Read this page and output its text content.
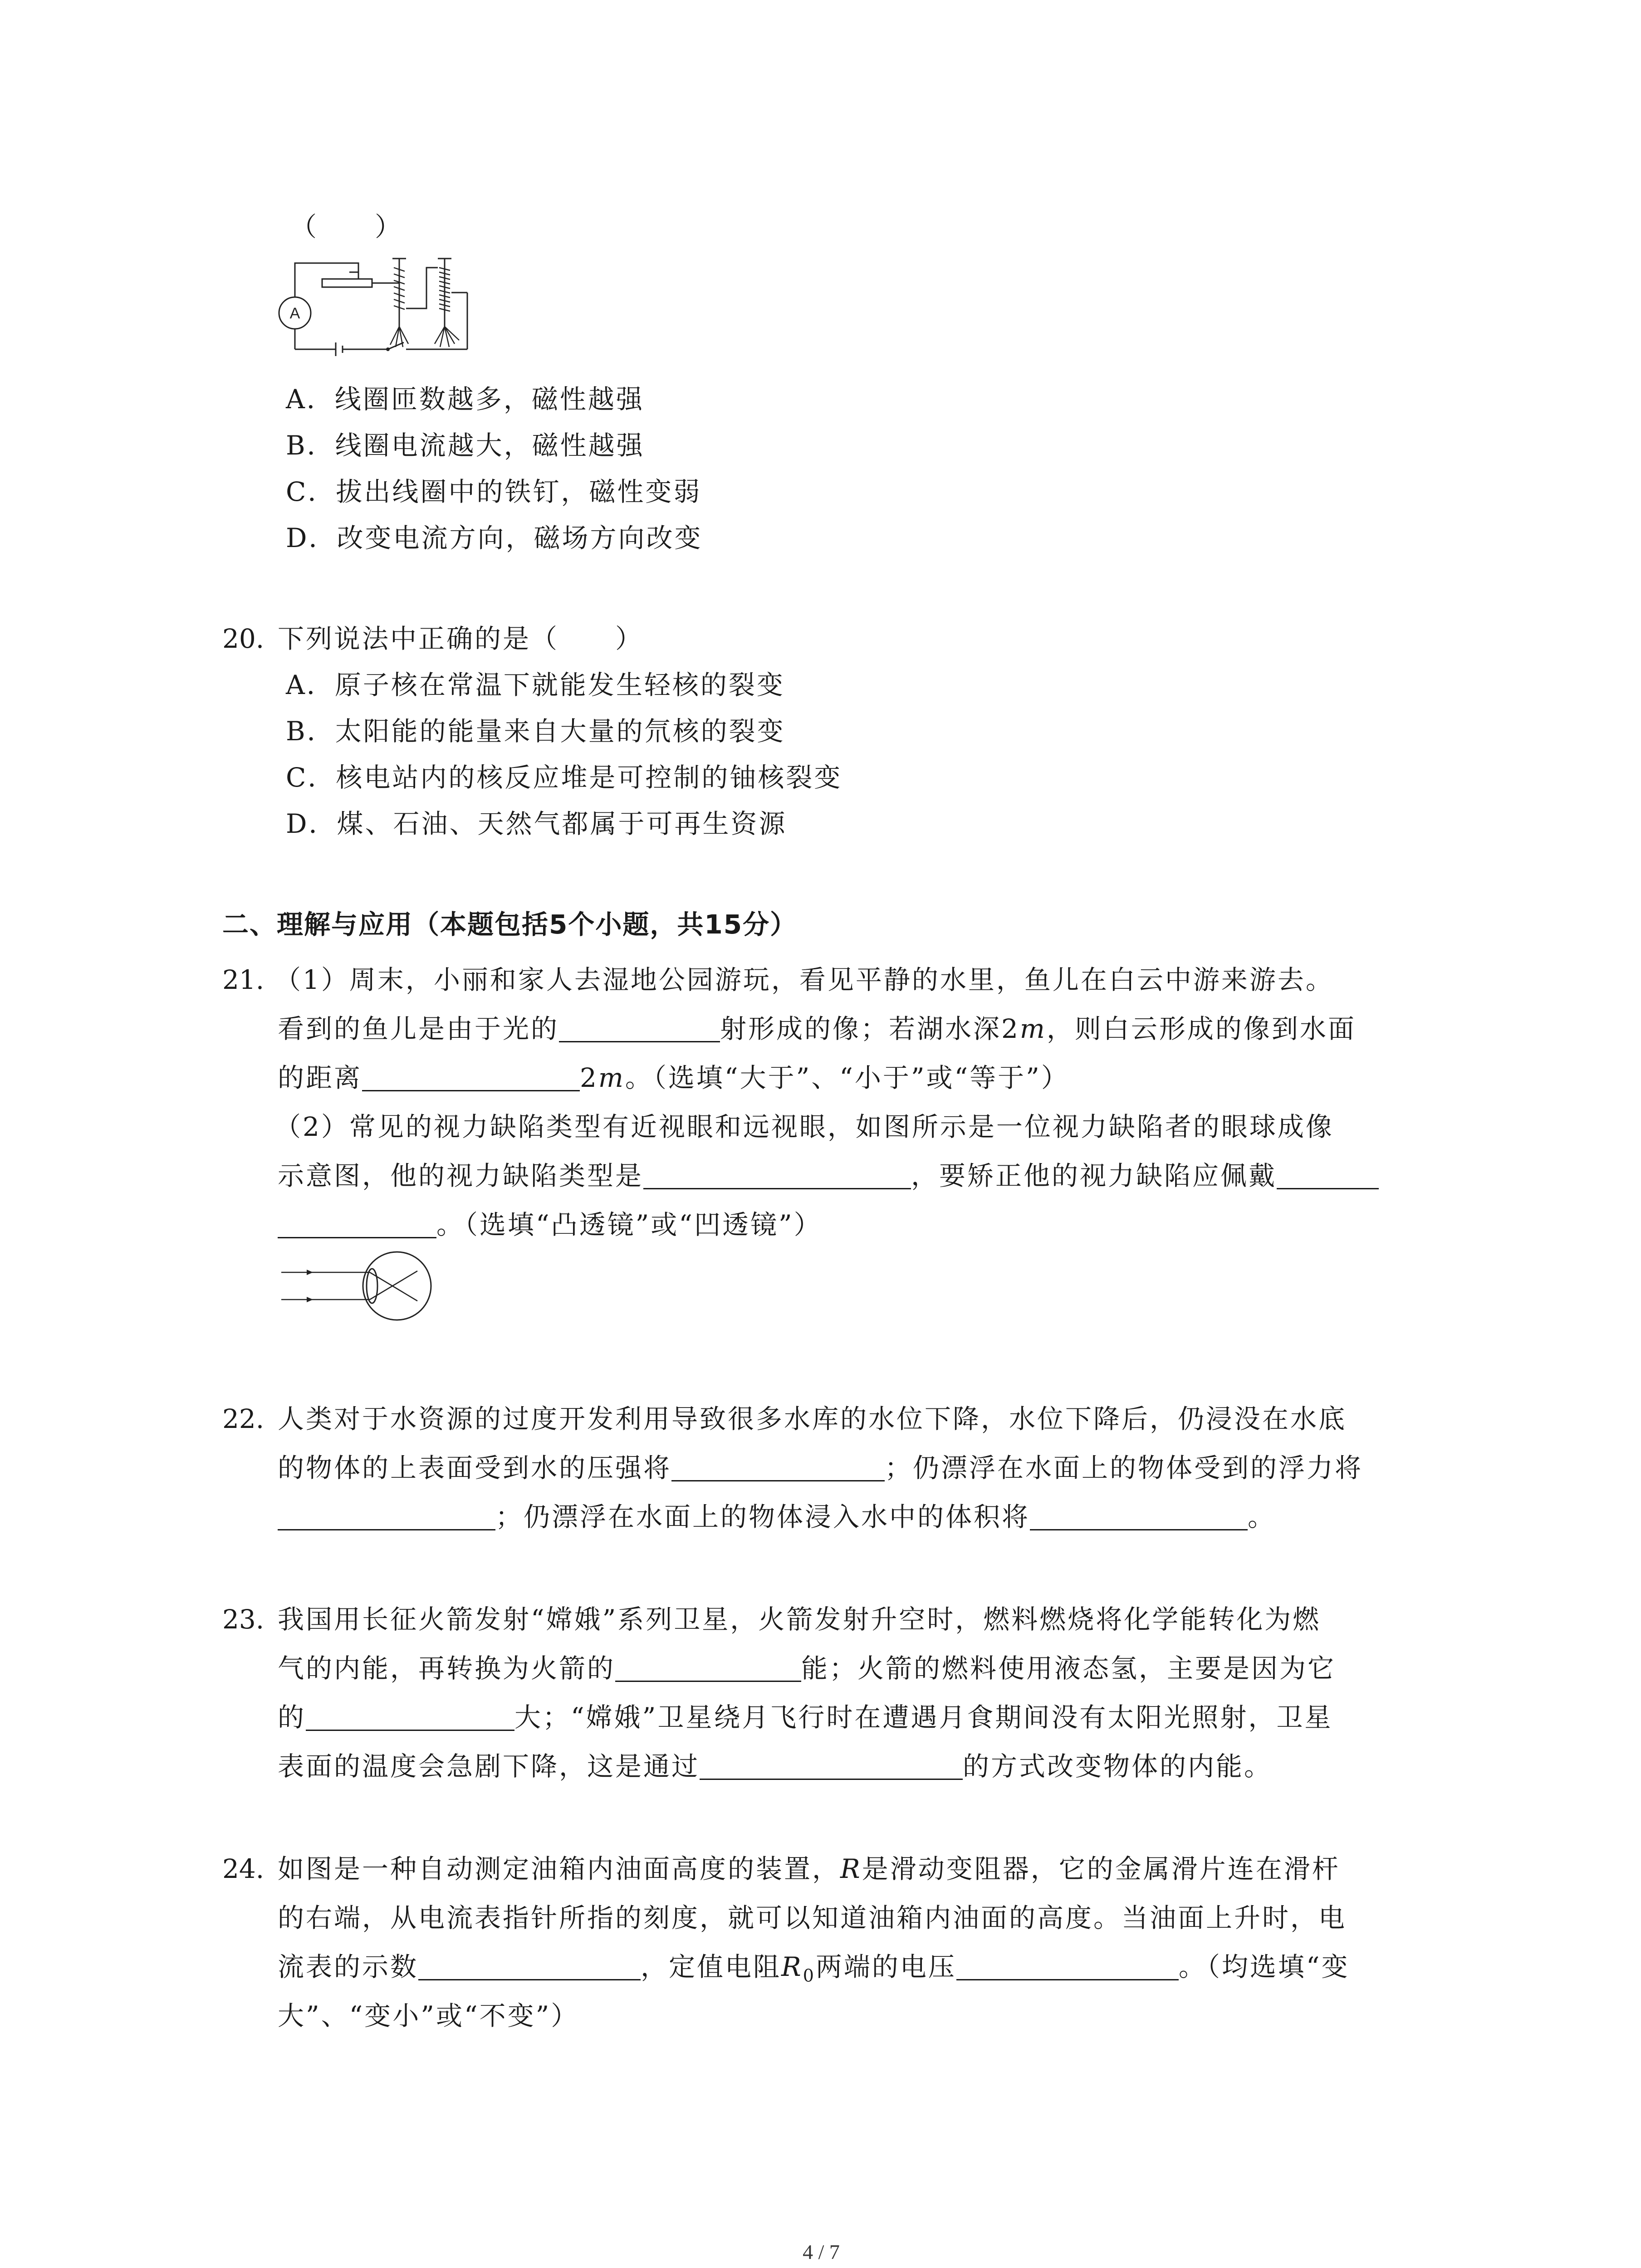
（　　）
A
A．线圈匝数越多，磁性越强
B．线圈电流越大，磁性越强
C．拔出线圈中的铁钉，磁性变弱
D．改变电流方向，磁场方向改变
20. 下列说法中正确的是（　　）
A．原子核在常温下就能发生轻核的裂变
B．太阳能的能量来自大量的氘核的裂变
C．核电站内的核反应堆是可控制的铀核裂变
D．煤、石油、天然气都属于可再生资源
二、理解与应用（本题包括5个小题，共15分）
21. （1）周末，小丽和家人去湿地公园游玩，看见平静的水里，鱼儿在白云中游来游去。
看到的鱼儿是由于光的	射形成的像；若湖水深2m，则白云形成的像到水面
的距离	2m。（选填“大于”、“小于”或“等于”）
（2）常见的视力缺陷类型有近视眼和远视眼，如图所示是一位视力缺陷者的眼球成像
示意图，他的视力缺陷类型是	，要矫正他的视力缺陷应佩戴
。（选填“凸透镜”或“凹透镜”）
22. 人类对于水资源的过度开发利用导致很多水库的水位下降，水位下降后，仍浸没在水底
的物体的上表面受到水的压强将	；仍漂浮在水面上的物体受到的浮力将
；仍漂浮在水面上的物体浸入水中的体积将	。
23. 我国用长征火箭发射“嫦娥”系列卫星，火箭发射升空时，燃料燃烧将化学能转化为燃
气的内能，再转换为火箭的	能；火箭的燃料使用液态氢，主要是因为它
的	大；“嫦娥”卫星绕月飞行时在遭遇月食期间没有太阳光照射，卫星
表面的温度会急剧下降，这是通过	的方式改变物体的内能。
24. 如图是一种自动测定油箱内油面高度的装置，R是滑动变阻器，它的金属滑片连在滑杆
的右端，从电流表指针所指的刻度，就可以知道油箱内油面的高度。当油面上升时，电
流表的示数	，定值电阻$R_0$两端的电压	。（均选填“变
大”、“变小”或“不变”）
4 / 7
